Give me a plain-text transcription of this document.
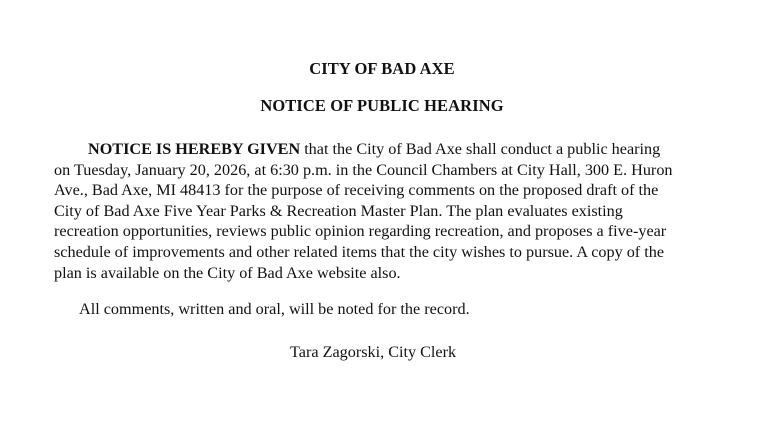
CITY OF BAD AXE
NOTICE OF PUBLIC HEARING
NOTICE IS HEREBY GIVEN that the City of Bad Axe shall conduct a public hearing
on Tuesday, January 20, 2026, at 6:30 p.m. in the Council Chambers at City Hall, 300 E. Huron
Ave., Bad Axe, MI 48413 for the purpose of receiving comments on the proposed draft of the
City of Bad Axe Five Year Parks & Recreation Master Plan. The plan evaluates existing
recreation opportunities, reviews public opinion regarding recreation, and proposes a five-year
schedule of improvements and other related items that the city wishes to pursue. A copy of the
plan is available on the City of Bad Axe website also.
All comments, written and oral, will be noted for the record.
Tara Zagorski, City Clerk
